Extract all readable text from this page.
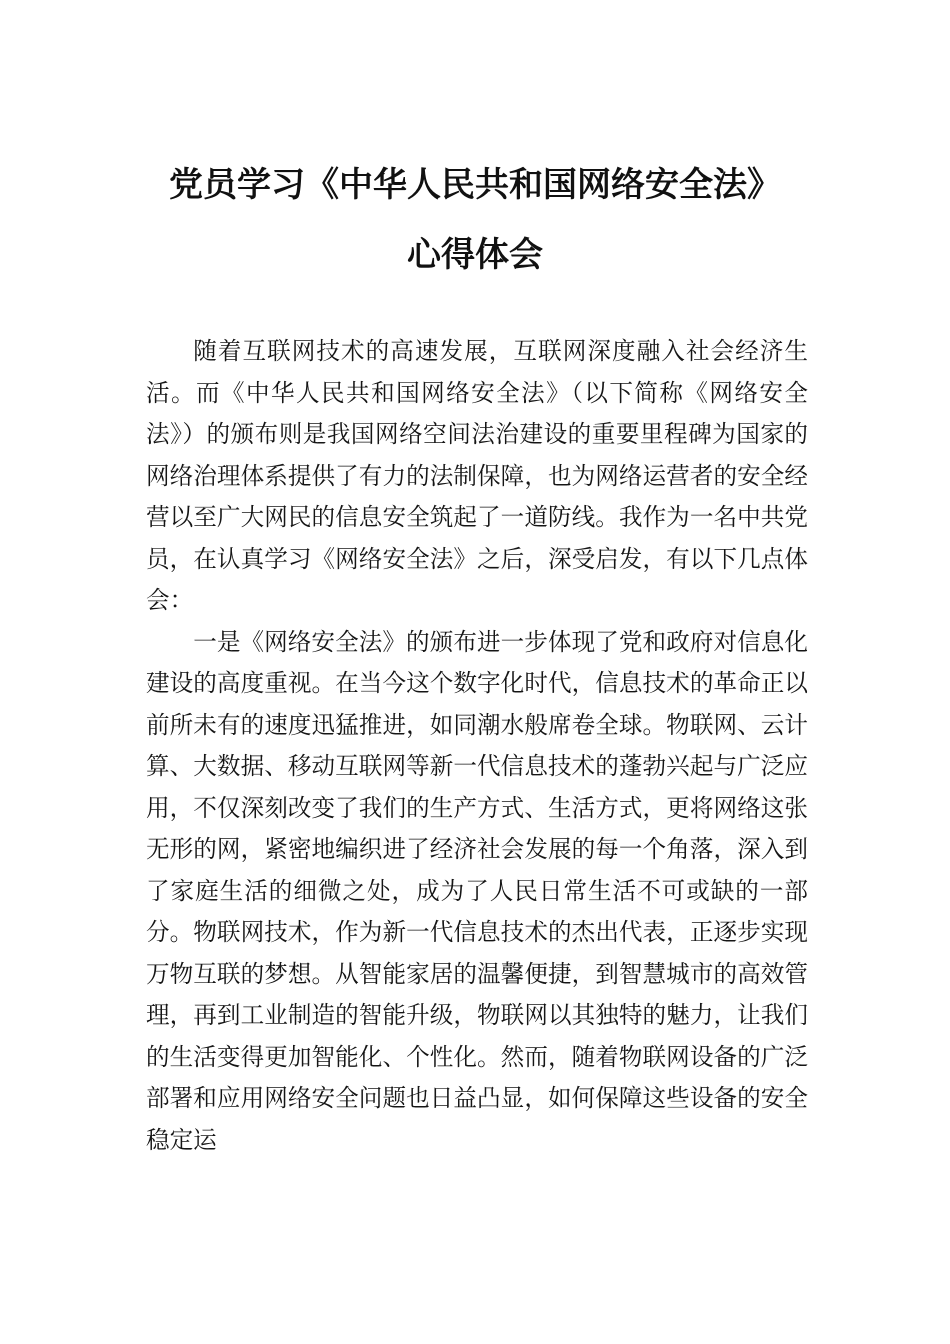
党员学习《中华人民共和国网络安全法》
心得体会

随着互联网技术的高速发展，互联网深度融入社会经济生活。而《中华人民共和国网络安全法》（以下简称《网络安全法》）的颁布则是我国网络空间法治建设的重要里程碑为国家的网络治理体系提供了有力的法制保障，也为网络运营者的安全经营以至广大网民的信息安全筑起了一道防线。我作为一名中共党员，在认真学习《网络安全法》之后，深受启发，有以下几点体会：

一是《网络安全法》的颁布进一步体现了党和政府对信息化建设的高度重视。在当今这个数字化时代，信息技术的革命正以前所未有的速度迅猛推进，如同潮水般席卷全球。物联网、云计算、大数据、移动互联网等新一代信息技术的蓬勃兴起与广泛应用，不仅深刻改变了我们的生产方式、生活方式，更将网络这张无形的网，紧密地编织进了经济社会发展的每一个角落，深入到了家庭生活的细微之处，成为了人民日常生活不可或缺的一部分。物联网技术，作为新一代信息技术的杰出代表，正逐步实现万物互联的梦想。从智能家居的温馨便捷，到智慧城市的高效管理，再到工业制造的智能升级，物联网以其独特的魅力，让我们的生活变得更加智能化、个性化。然而，随着物联网设备的广泛部署和应用网络安全问题也日益凸显，如何保障这些设备的安全稳定运
